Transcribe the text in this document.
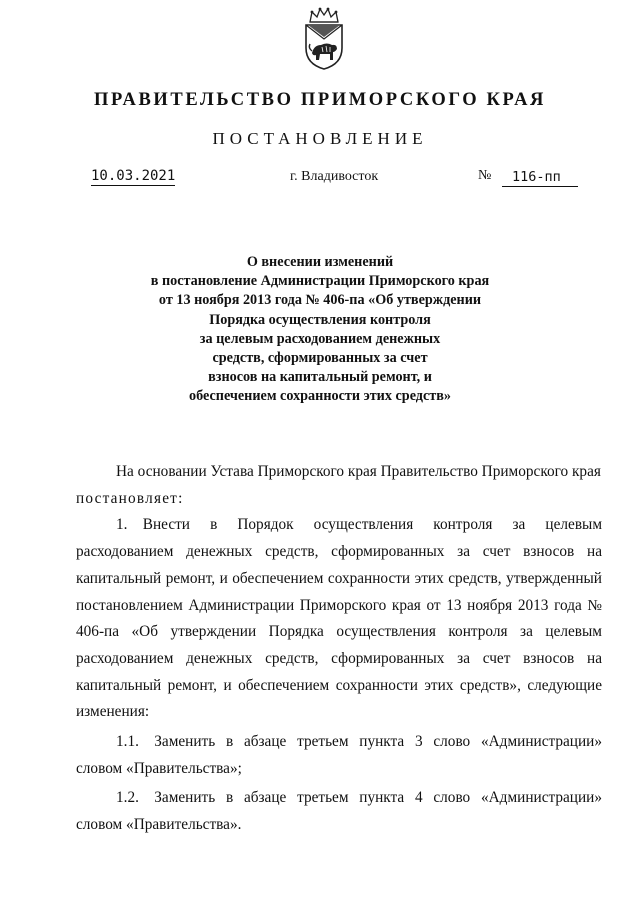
ПРАВИТЕЛЬСТВО ПРИМОРСКОГО КРАЯ
ПОСТАНОВЛЕНИЕ
10.03.2021	г. Владивосток	№	116-пп
О внесении изменений
в постановление Администрации Приморского края
от 13 ноября 2013 года № 406-па «Об утверждении
Порядка осуществления контроля
за целевым расходованием денежных
средств, сформированных за счет
взносов на капитальный ремонт, и
обеспечением сохранности этих средств»
На основании Устава Приморского края Правительство Приморского края
постановляет:
1. Внести в Порядок осуществления контроля за целевым расходованием денежных средств, сформированных за счет взносов на капитальный ремонт, и обеспечением сохранности этих средств, утвержденный постановлением Администрации Приморского края от 13 ноября 2013 года № 406-па «Об утверждении Порядка осуществления контроля за целевым расходованием денежных средств, сформированных за счет взносов на капитальный ремонт, и обеспечением сохранности этих средств», следующие изменения:
1.1. Заменить в абзаце третьем пункта 3 слово «Администрации» словом «Правительства»;
1.2. Заменить в абзаце третьем пункта 4 слово «Администрации» словом «Правительства».
